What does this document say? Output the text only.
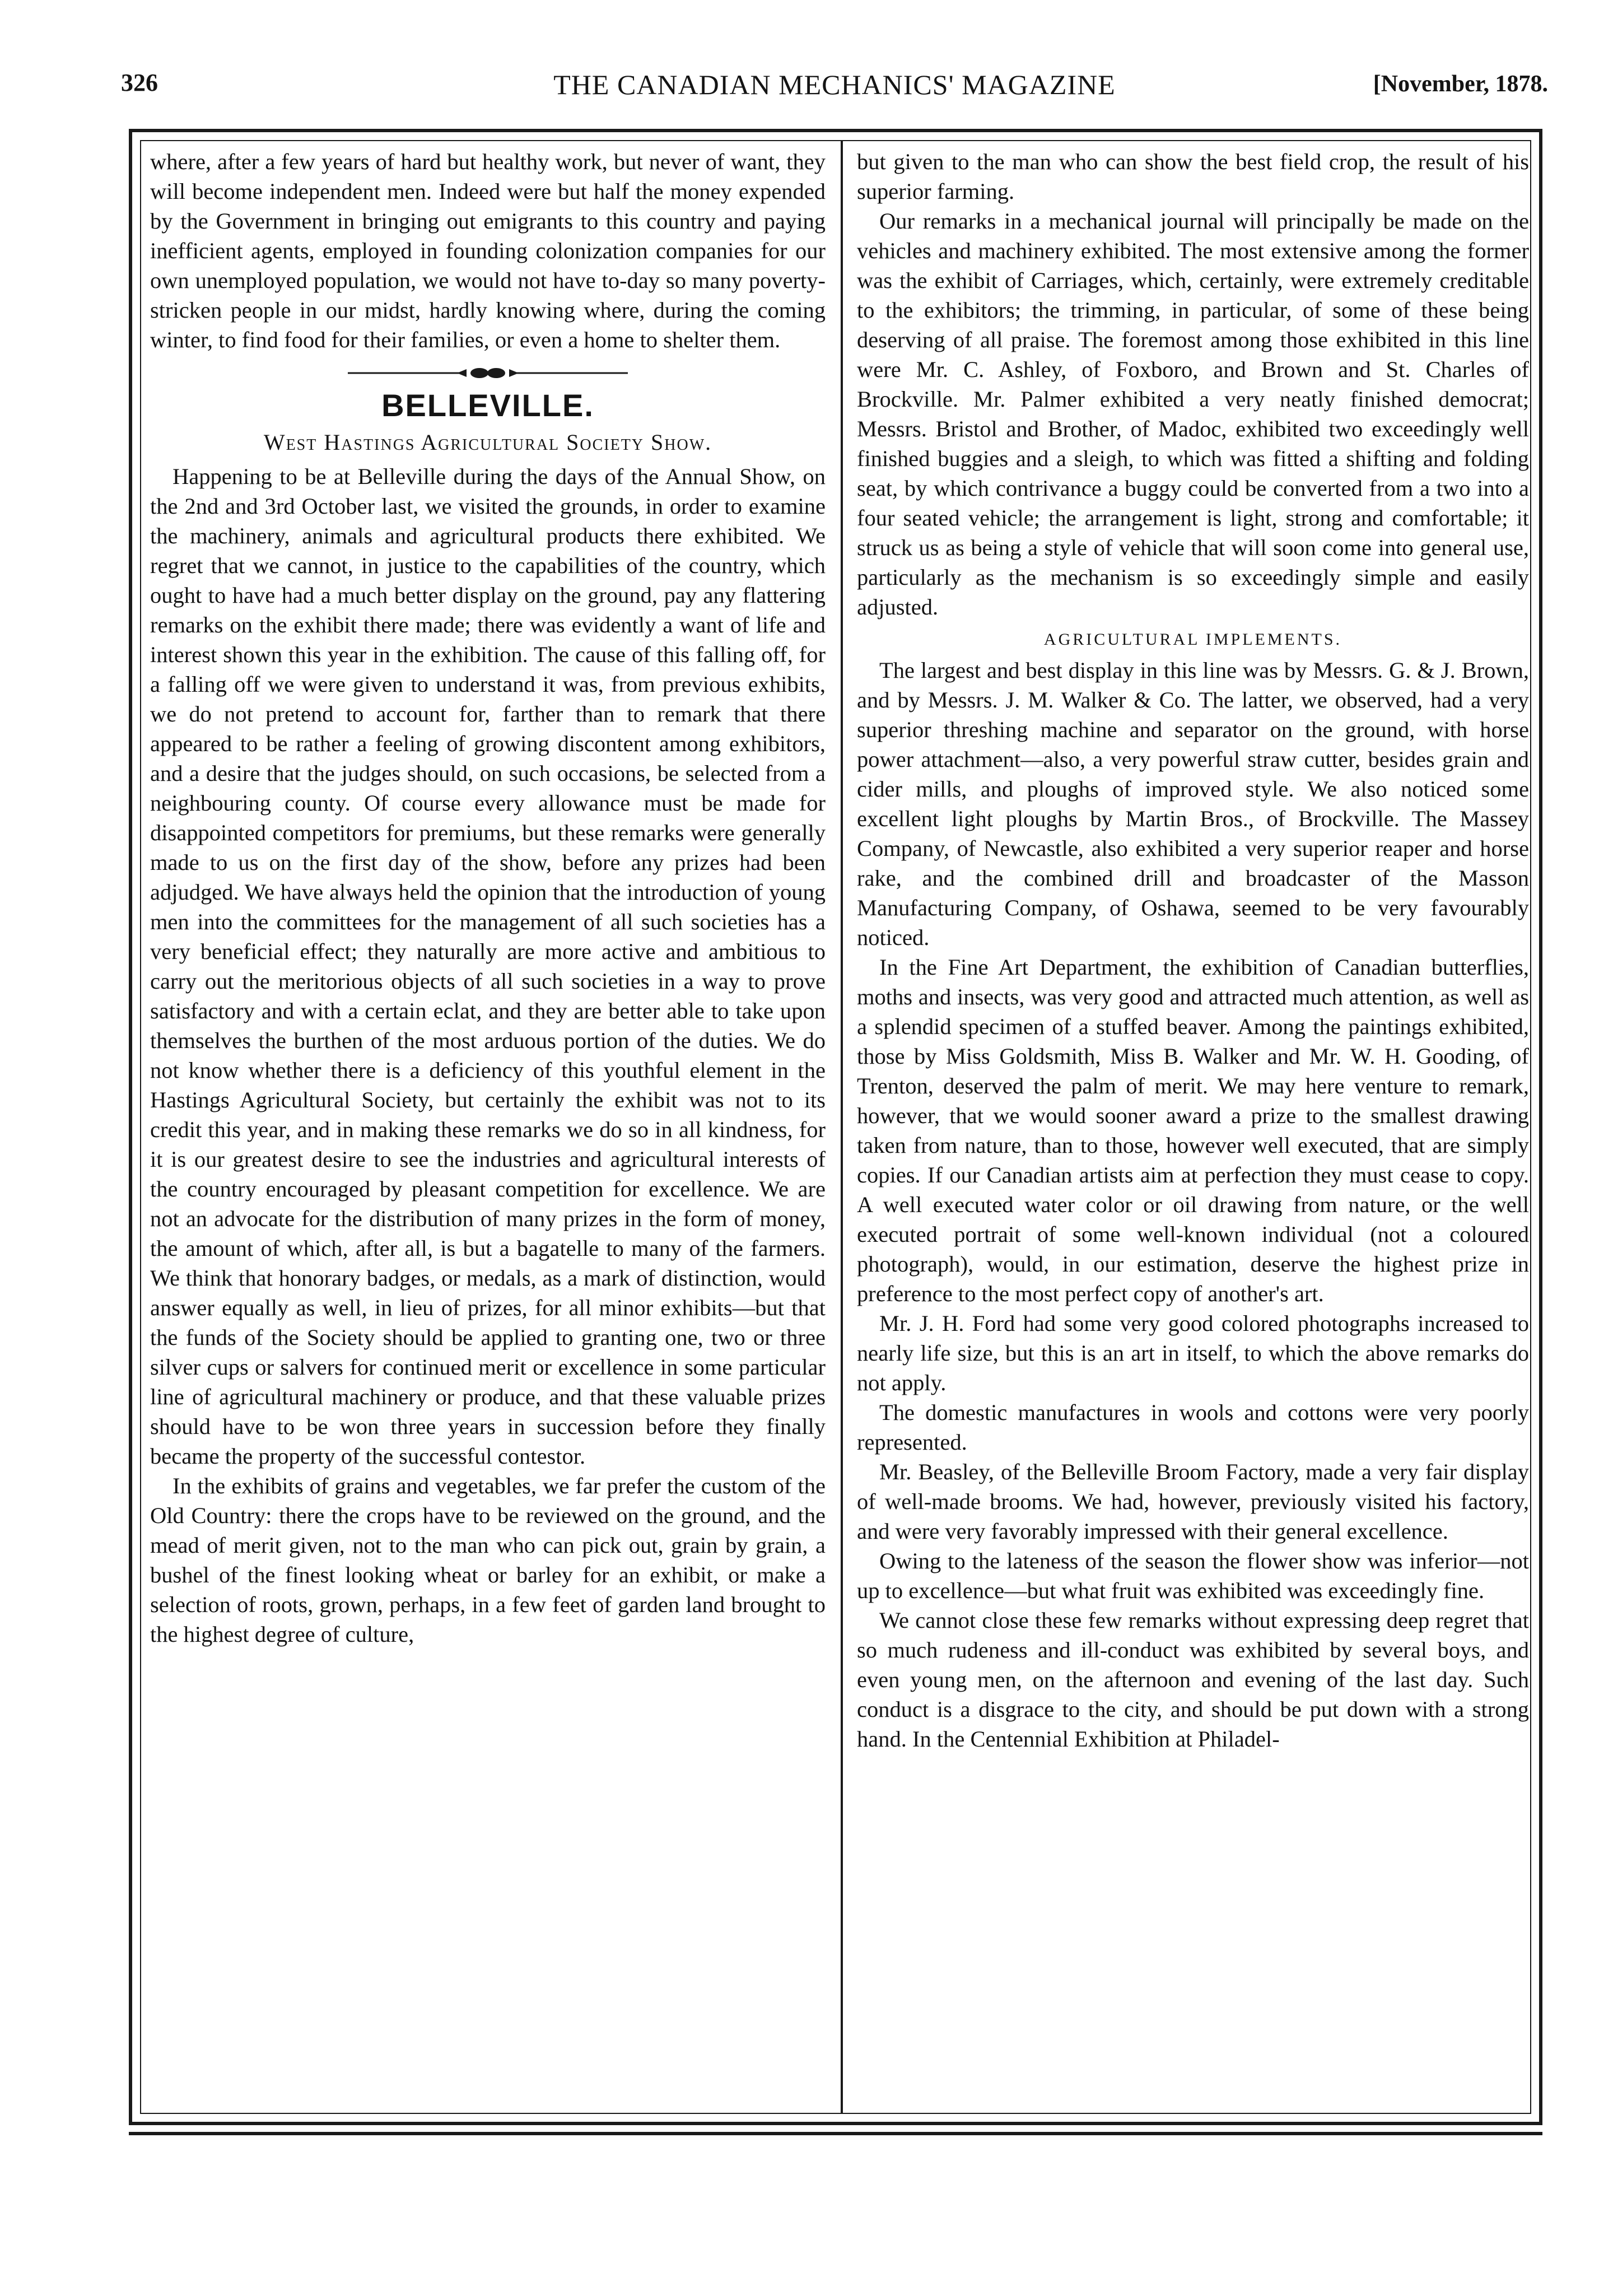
326	THE CANADIAN MECHANICS' MAGAZINE	[November, 1878.

where, after a few years of hard but healthy work, but never of want, they will become independent men. Indeed were but half the money expended by the Government in bringing out emigrants to this country and paying inefficient agents, employed in founding colonization companies for our own unemployed population, we would not have to-day so many poverty-stricken people in our midst, hardly knowing where, during the coming winter, to find food for their families, or even a home to shelter them.

BELLEVILLE.
West Hastings Agricultural Society Show.

Happening to be at Belleville during the days of the Annual Show, on the 2nd and 3rd October last, we visited the grounds, in order to examine the machinery, animals and agricultural products there exhibited. We regret that we cannot, in justice to the capabilities of the country, which ought to have had a much better display on the ground, pay any flattering remarks on the exhibit there made; there was evidently a want of life and interest shown this year in the exhibition. The cause of this falling off, for a falling off we were given to understand it was, from previous exhibits, we do not pretend to account for, farther than to remark that there appeared to be rather a feeling of growing discontent among exhibitors, and a desire that the judges should, on such occasions, be selected from a neighbouring county. Of course every allowance must be made for disappointed competitors for premiums, but these remarks were generally made to us on the first day of the show, before any prizes had been adjudged. We have always held the opinion that the introduction of young men into the committees for the management of all such societies has a very beneficial effect; they naturally are more active and ambitious to carry out the meritorious objects of all such societies in a way to prove satisfactory and with a certain eclat, and they are better able to take upon themselves the burthen of the most arduous portion of the duties. We do not know whether there is a deficiency of this youthful element in the Hastings Agricultural Society, but certainly the exhibit was not to its credit this year, and in making these remarks we do so in all kindness, for it is our greatest desire to see the industries and agricultural interests of the country encouraged by pleasant competition for excellence. We are not an advocate for the distribution of many prizes in the form of money, the amount of which, after all, is but a bagatelle to many of the farmers. We think that honorary badges, or medals, as a mark of distinction, would answer equally as well, in lieu of prizes, for all minor exhibits—but that the funds of the Society should be applied to granting one, two or three silver cups or salvers for continued merit or excellence in some particular line of agricultural machinery or produce, and that these valuable prizes should have to be won three years in succession before they finally became the property of the successful contestor.

In the exhibits of grains and vegetables, we far prefer the custom of the Old Country: there the crops have to be reviewed on the ground, and the mead of merit given, not to the man who can pick out, grain by grain, a bushel of the finest looking wheat or barley for an exhibit, or make a selection of roots, grown, perhaps, in a few feet of garden land brought to the highest degree of culture,

but given to the man who can show the best field crop, the result of his superior farming.

Our remarks in a mechanical journal will principally be made on the vehicles and machinery exhibited. The most extensive among the former was the exhibit of Carriages, which, certainly, were extremely creditable to the exhibitors; the trimming, in particular, of some of these being deserving of all praise. The foremost among those exhibited in this line were Mr. C. Ashley, of Foxboro, and Brown and St. Charles of Brockville. Mr. Palmer exhibited a very neatly finished democrat; Messrs. Bristol and Brother, of Madoc, exhibited two exceedingly well finished buggies and a sleigh, to which was fitted a shifting and folding seat, by which contrivance a buggy could be converted from a two into a four seated vehicle; the arrangement is light, strong and comfortable; it struck us as being a style of vehicle that will soon come into general use, particularly as the mechanism is so exceedingly simple and easily adjusted.

AGRICULTURAL IMPLEMENTS.

The largest and best display in this line was by Messrs. G. & J. Brown, and by Messrs. J. M. Walker & Co. The latter, we observed, had a very superior threshing machine and separator on the ground, with horse power attachment—also, a very powerful straw cutter, besides grain and cider mills, and ploughs of improved style. We also noticed some excellent light ploughs by Martin Bros., of Brockville. The Massey Company, of Newcastle, also exhibited a very superior reaper and horse rake, and the combined drill and broadcaster of the Masson Manufacturing Company, of Oshawa, seemed to be very favourably noticed.

In the Fine Art Department, the exhibition of Canadian butterflies, moths and insects, was very good and attracted much attention, as well as a splendid specimen of a stuffed beaver. Among the paintings exhibited, those by Miss Goldsmith, Miss B. Walker and Mr. W. H. Gooding, of Trenton, deserved the palm of merit. We may here venture to remark, however, that we would sooner award a prize to the smallest drawing taken from nature, than to those, however well executed, that are simply copies. If our Canadian artists aim at perfection they must cease to copy. A well executed water color or oil drawing from nature, or the well executed portrait of some well-known individual (not a coloured photograph), would, in our estimation, deserve the highest prize in preference to the most perfect copy of another's art.

Mr. J. H. Ford had some very good colored photographs increased to nearly life size, but this is an art in itself, to which the above remarks do not apply.

The domestic manufactures in wools and cottons were very poorly represented.

Mr. Beasley, of the Belleville Broom Factory, made a very fair display of well-made brooms. We had, however, previously visited his factory, and were very favorably impressed with their general excellence.

Owing to the lateness of the season the flower show was inferior—not up to excellence—but what fruit was exhibited was exceedingly fine.

We cannot close these few remarks without expressing deep regret that so much rudeness and ill-conduct was exhibited by several boys, and even young men, on the afternoon and evening of the last day. Such conduct is a disgrace to the city, and should be put down with a strong hand. In the Centennial Exhibition at Philadel-
